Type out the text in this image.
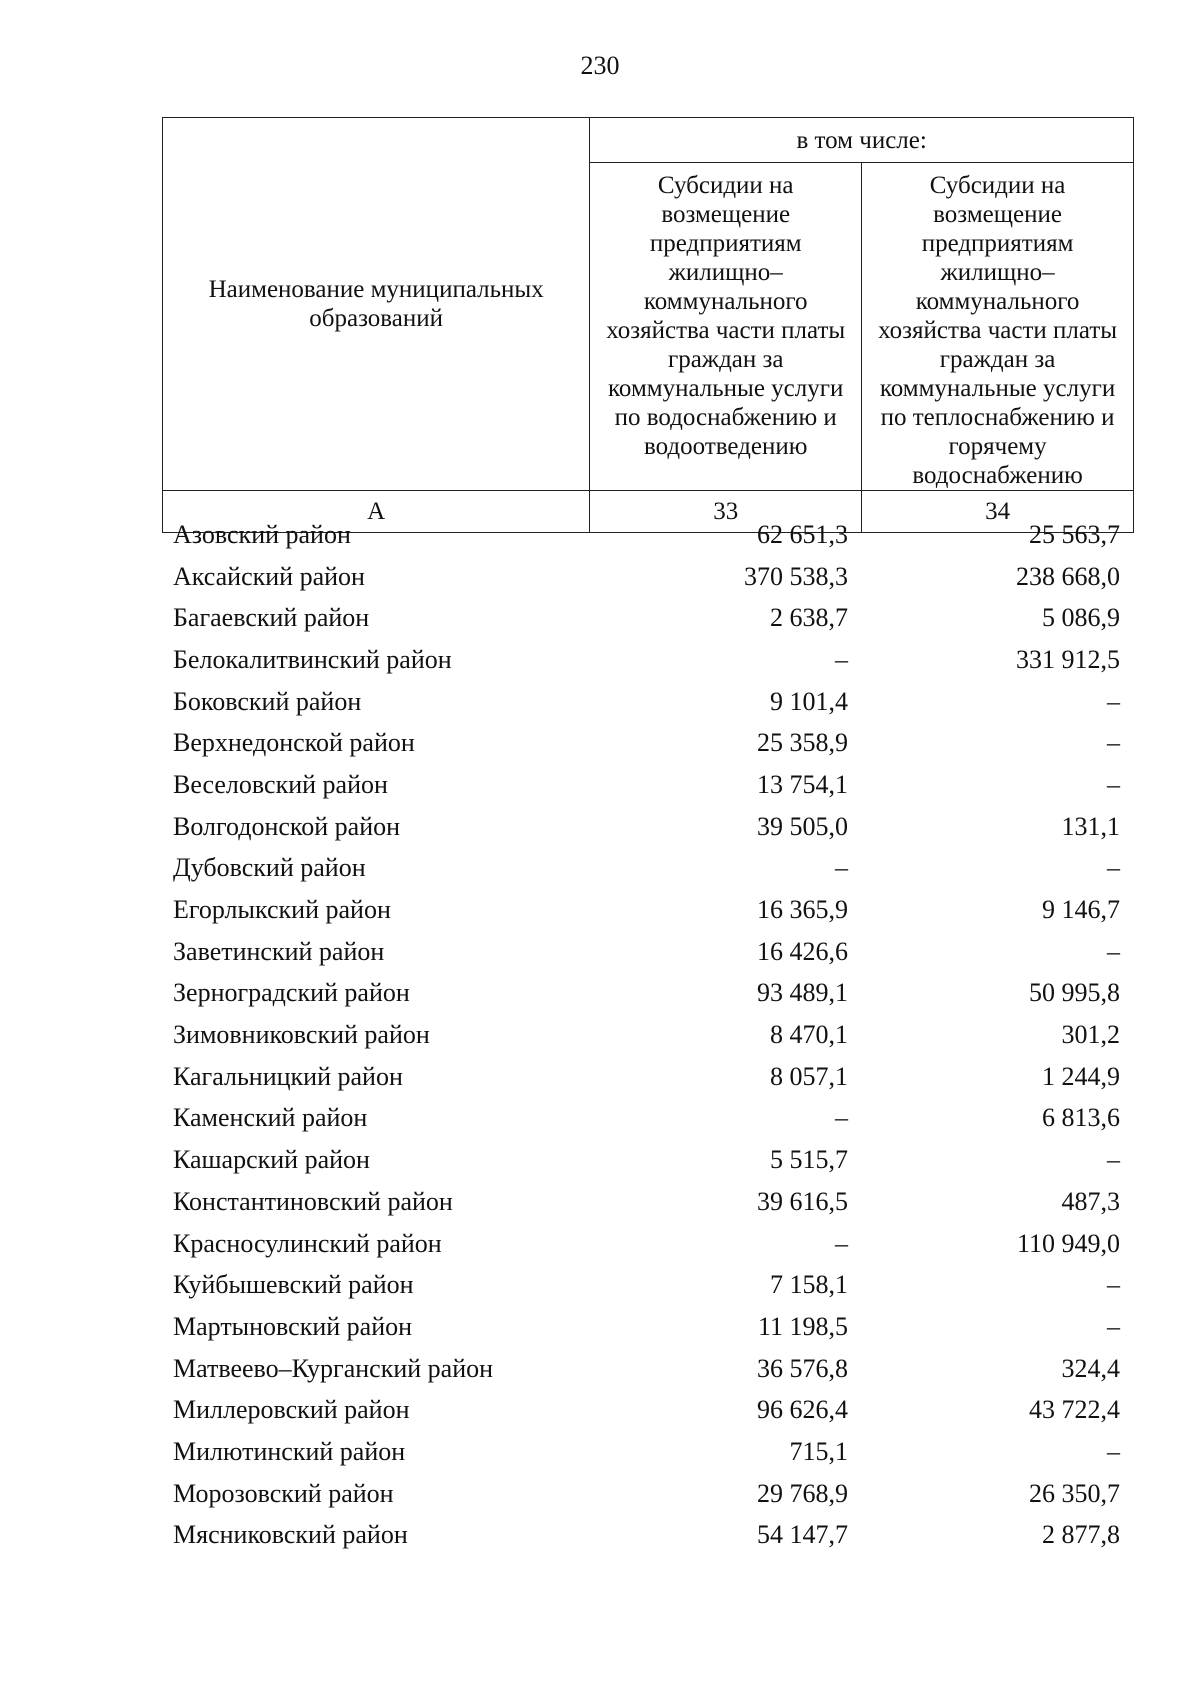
230
Наименование муниципальных образований	в том числе:	
	Субсидии на возмещение предприятиям жилищно–коммунального хозяйства части платы граждан за коммунальные услуги по водоснабжению и водоотведению	Субсидии на возмещение предприятиям жилищно–коммунального хозяйства части платы граждан за коммунальные услуги по теплоснабжению и горячему водоснабжению
А	33	34
Азовский район	62 651,3	25 563,7
Аксайский район	370 538,3	238 668,0
Багаевский район	2 638,7	5 086,9
Белокалитвинский район	–	331 912,5
Боковский район	9 101,4	–
Верхнедонской район	25 358,9	–
Веселовский район	13 754,1	–
Волгодонской район	39 505,0	131,1
Дубовский район	–	–
Егорлыкский район	16 365,9	9 146,7
Заветинский район	16 426,6	–
Зерноградский район	93 489,1	50 995,8
Зимовниковский район	8 470,1	301,2
Кагальницкий район	8 057,1	1 244,9
Каменский район	–	6 813,6
Кашарский район	5 515,7	–
Константиновский район	39 616,5	487,3
Красносулинский район	–	110 949,0
Куйбышевский район	7 158,1	–
Мартыновский район	11 198,5	–
Матвеево–Курганский район	36 576,8	324,4
Миллеровский район	96 626,4	43 722,4
Милютинский район	715,1	–
Морозовский район	29 768,9	26 350,7
Мясниковский район	54 147,7	2 877,8
